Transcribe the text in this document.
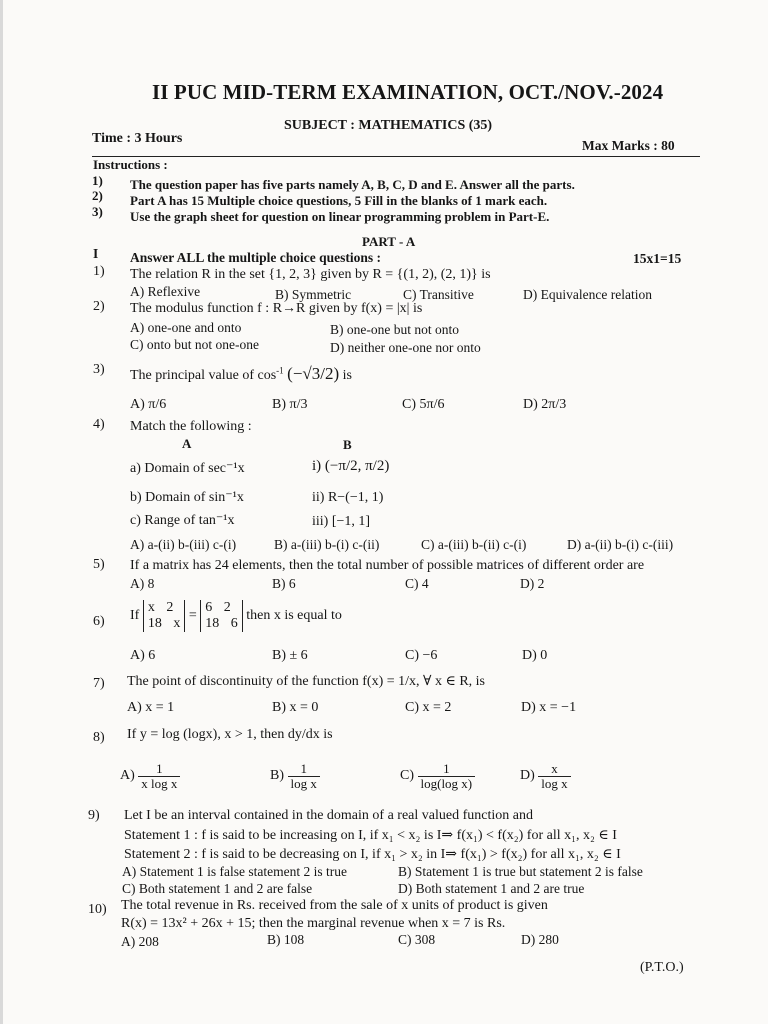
II PUC MID-TERM EXAMINATION, OCT./NOV.-2024
SUBJECT : MATHEMATICS (35)
Time : 3 Hours	Max Marks : 80
Instructions :
1) The question paper has five parts namely A, B, C, D and E. Answer all the parts.
2) Part A has 15 Multiple choice questions, 5 Fill in the blanks of 1 mark each.
3) Use the graph sheet for question on linear programming problem in Part-E.
PART - A
I Answer ALL the multiple choice questions :	15x1=15
1) The relation R in the set {1, 2, 3} given by R = {(1, 2), (2, 1)} is
A) Reflexive	B) Symmetric	C) Transitive	D) Equivalence relation
2) The modulus function f : R→R given by f(x) = |x| is
A) one-one and onto	B) one-one but not onto
C) onto but not one-one	D) neither one-one nor onto
3) The principal value of $\cos^{-1} (-√3/2)$ is
A) π/6	B) π/3	C) 5π/6	D) 2π/3
4) Match the following :
A	B
a) Domain of sec⁻¹x	i) (−π/2, π/2)
b) Domain of sin⁻¹x	ii) R−(−1, 1)
c) Range of tan⁻¹x	iii) [−1, 1]
A) a-(ii) b-(iii) c-(i)	B) a-(iii) b-(i) c-(ii)	C) a-(iii) b-(ii) c-(i)	D) a-(ii) b-(i) c-(iii)
5) If a matrix has 24 elements, then the total number of possible matrices of different order are
A) 8	B) 6	C) 4	D) 2
6) If
x 2
18 x
=
6 2
18 6
then x is equal to
A) 6	B) ± 6	C) −6	D) 0
7) The point of discontinuity of the function f(x) = 1/x, ∀ x ∈ R, is
A) x = 1	B) x = 0	C) x = 2	D) x = −1
8) If y = log (logx), x > 1, then dy/dx is
$A) \frac{1}{\text{x log x}}$	$B) \frac{1}{\text{log x}}$	$C) \frac{1}{\text{log(log x)}}$	$D) \frac{x}{\text{log x}}$
9) Let I be an interval contained in the domain of a real valued function and
Statement 1 : f is said to be increasing on I, if x₁ < x₂ is I⇒ f(x₁) < f(x₂) for all x₁, x₂ ∈ I
Statement 2 : f is said to be decreasing on I, if x₁ > x₂ in I⇒ f(x₁) > f(x₂) for all x₁, x₂ ∈ I
A) Statement 1 is false statement 2 is true	B) Statement 1 is true but statement 2 is false
C) Both statement 1 and 2 are false	D) Both statement 1 and 2 are true
10) The total revenue in Rs. received from the sale of x units of product is given
R(x) = 13x² + 26x + 15; then the marginal revenue when x = 7 is Rs.
A) 208	B) 108	C) 308	D) 280
(P.T.O.)
